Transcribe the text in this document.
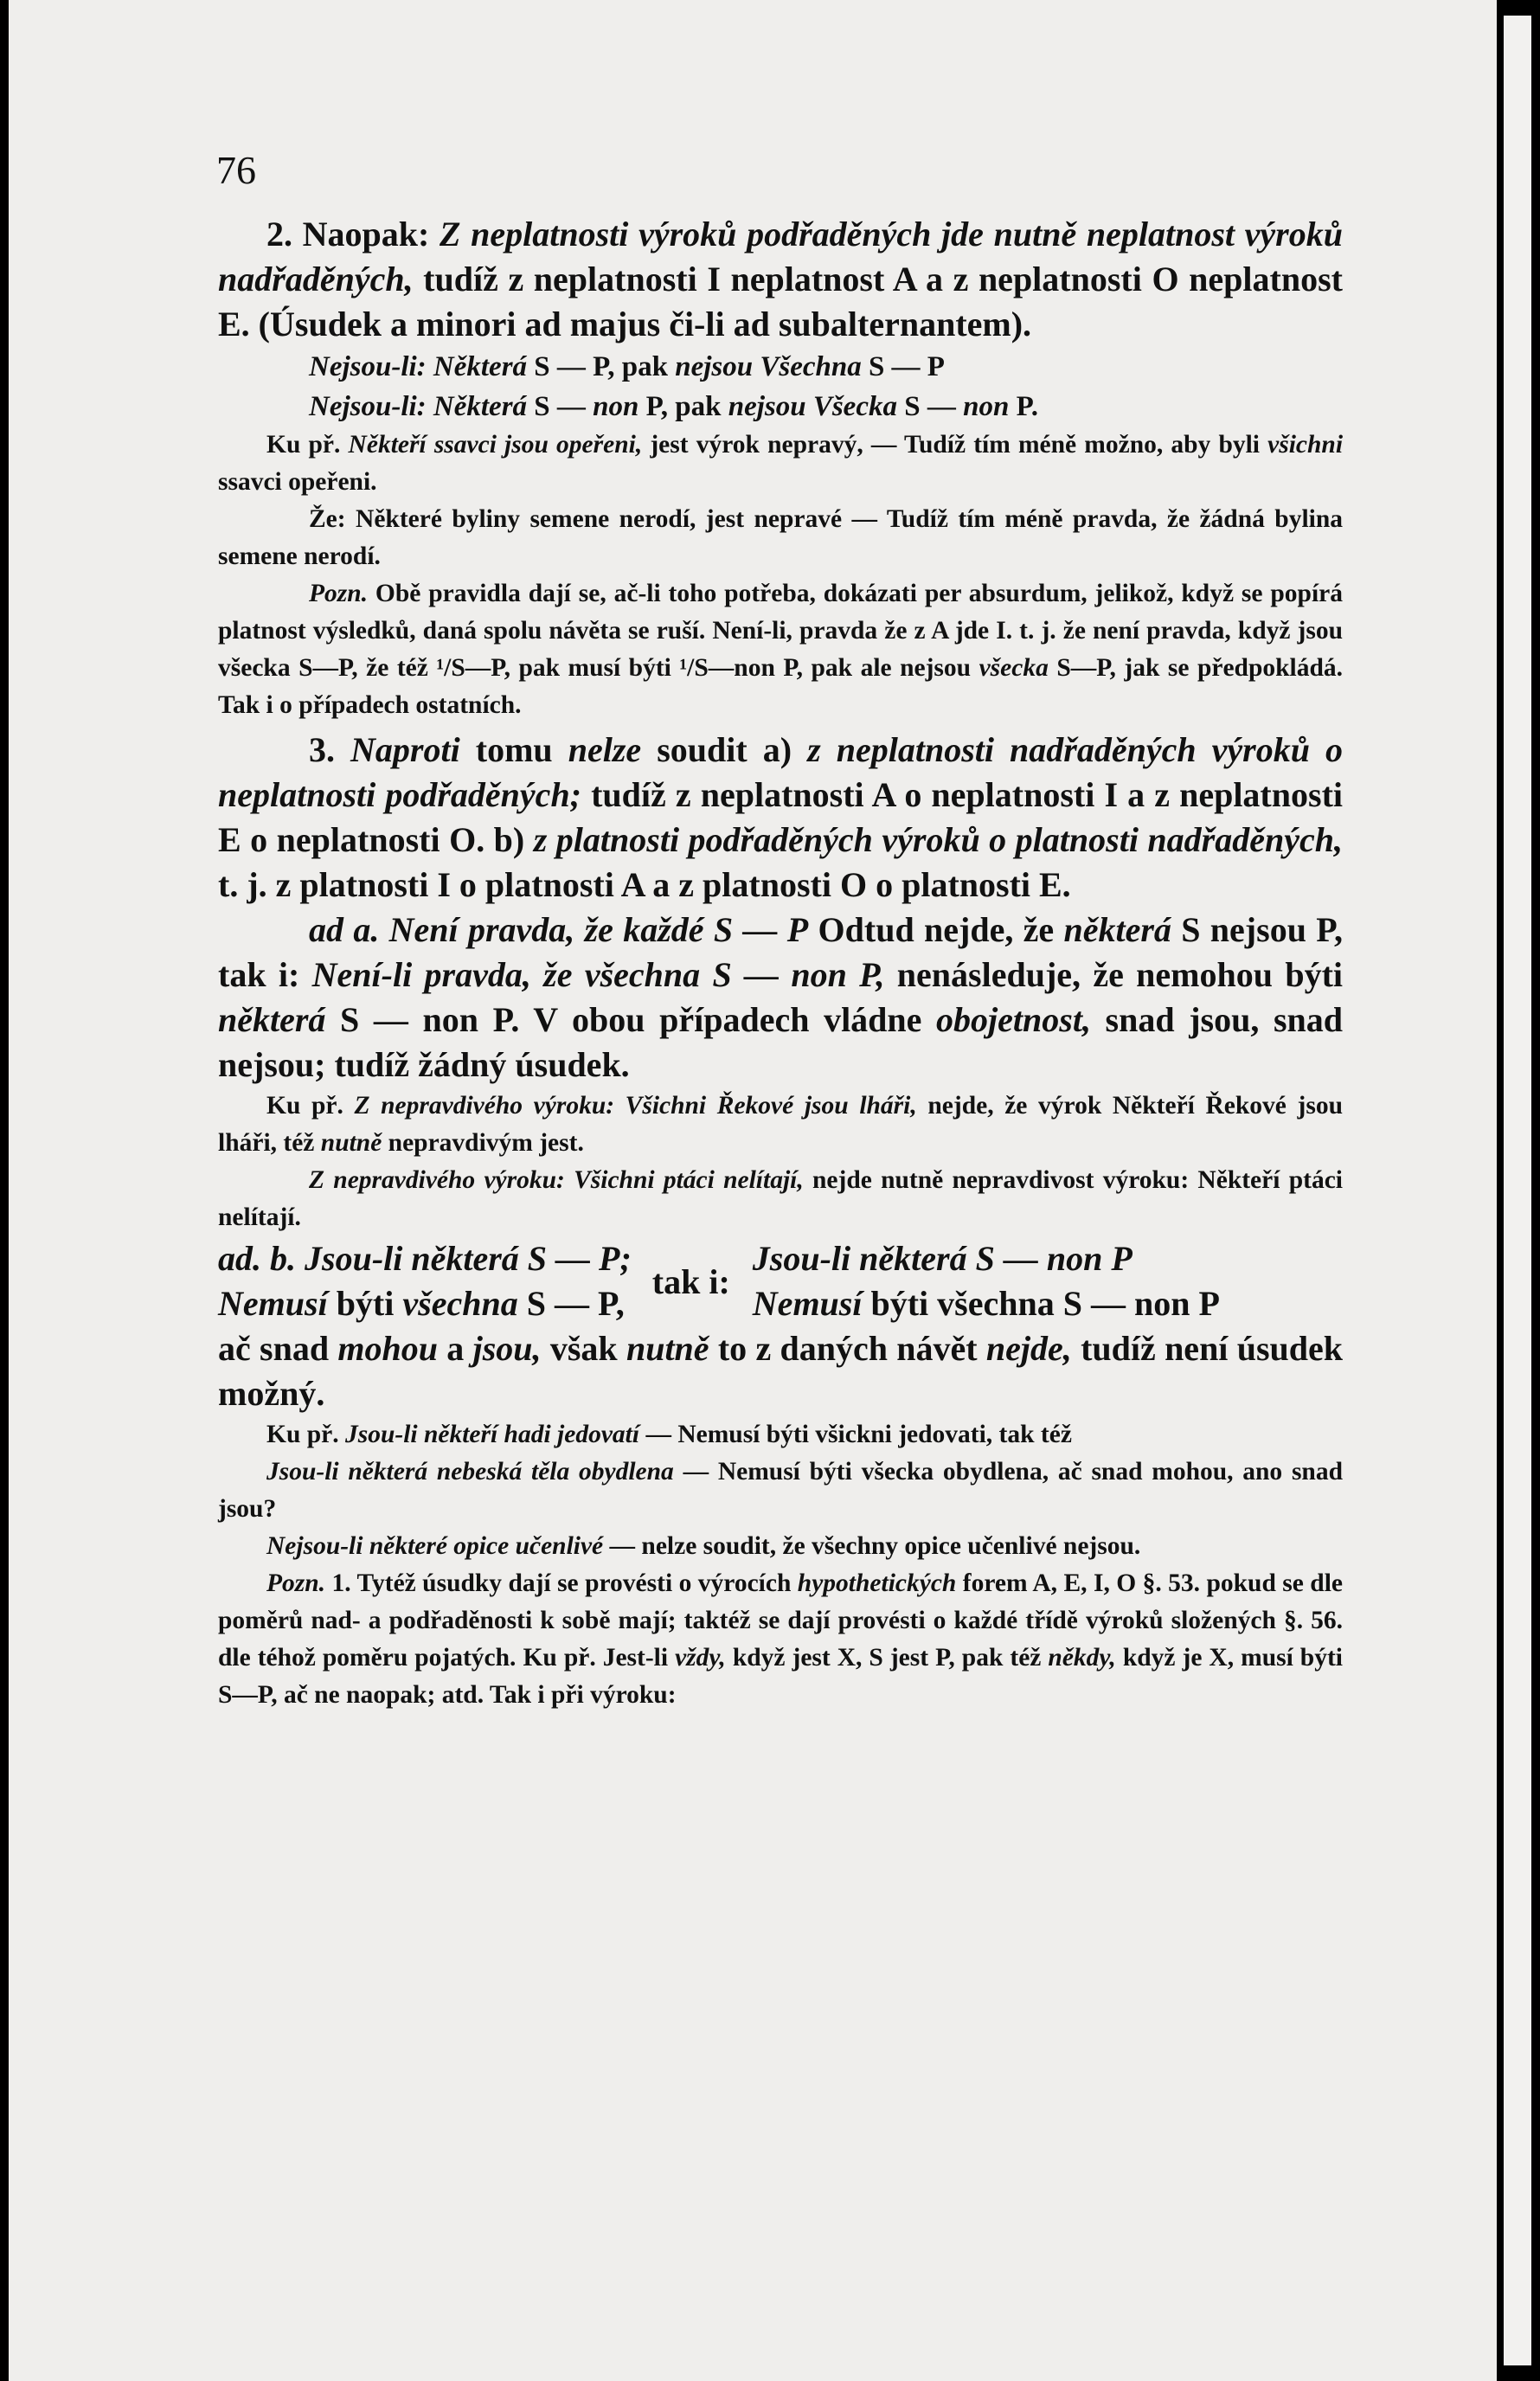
76

2. Naopak: Z neplatnosti výroků podřaděných jde nutně neplatnost výroků nadřaděných, tudíž z neplatnosti I neplatnost A a z neplatnosti O neplatnost E. (Úsudek a minori ad majus či-li ad subalternantem).

Nejsou-li: Některá S — P, pak nejsou Všechna S — P

Nejsou-li: Některá S — non P, pak nejsou Všecka S — non P.

Ku př. Někteří ssavci jsou opeřeni, jest výrok nepravý, — Tudíž tím méně možno, aby byli všichni ssavci opeřeni.

Že: Některé byliny semene nerodí, jest nepravé — Tudíž tím méně pravda, že žádná bylina semene nerodí.

Pozn. Obě pravidla dají se, ač-li toho potřeba, dokázati per absurdum, jelikož, když se popírá platnost výsledků, daná spolu návěta se ruší. Není-li, pravda že z A jde I. t. j. že není pravda, když jsou všecka S—P, že též ¹/S—P, pak musí býti ¹/S—non P, pak ale nejsou všecka S—P, jak se předpokládá. Tak i o případech ostatních.

3. Naproti tomu nelze soudit a) z neplatnosti nadřaděných výroků o neplatnosti podřaděných; tudíž z neplatnosti A o neplatnosti I a z neplatnosti E o neplatnosti O. b) z platnosti podřaděných výroků o platnosti nadřaděných, t. j. z platnosti I o platnosti A a z platnosti O o platnosti E.

ad a. Není pravda, že každé S — P Odtud nejde, že některá S nejsou P, tak i: Není-li pravda, že všechna S — non P, nenásleduje, že nemohou býti některá S — non P. V obou případech vládne obojetnost, snad jsou, snad nejsou; tudíž žádný úsudek.

Ku př. Z nepravdivého výroku: Všichni Řekové jsou lháři, nejde, že výrok Někteří Řekové jsou lháři, též nutně nepravdivým jest.

Z nepravdivého výroku: Všichni ptáci nelítají, nejde nutně nepravdivost výroku: Někteří ptáci nelítají.

ad. b. Jsou-li některá S — P;
Nemusí býti všechna S — P,
tak i:
Jsou-li některá S — non P
Nemusí býti všechna S — non P

ač snad mohou a jsou, však nutně to z daných návět nejde, tudíž není úsudek možný.

Ku př. Jsou-li někteří hadi jedovatí — Nemusí býti všickni jedovati, tak též

Jsou-li některá nebeská těla obydlena — Nemusí býti všecka obydlena, ač snad mohou, ano snad jsou?

Nejsou-li některé opice učenlivé — nelze soudit, že všechny opice učenlivé nejsou.

Pozn. 1. Tytéž úsudky dají se provésti o výrocích hypothetických forem A, E, I, O §. 53. pokud se dle poměrů nad- a podřaděnosti k sobě mají; taktéž se dají provésti o každé třídě výroků složených §. 56. dle téhož poměru pojatých. Ku př. Jest-li vždy, když jest X, S jest P, pak též někdy, když je X, musí býti S—P, ač ne naopak; atd. Tak i při výroku:
